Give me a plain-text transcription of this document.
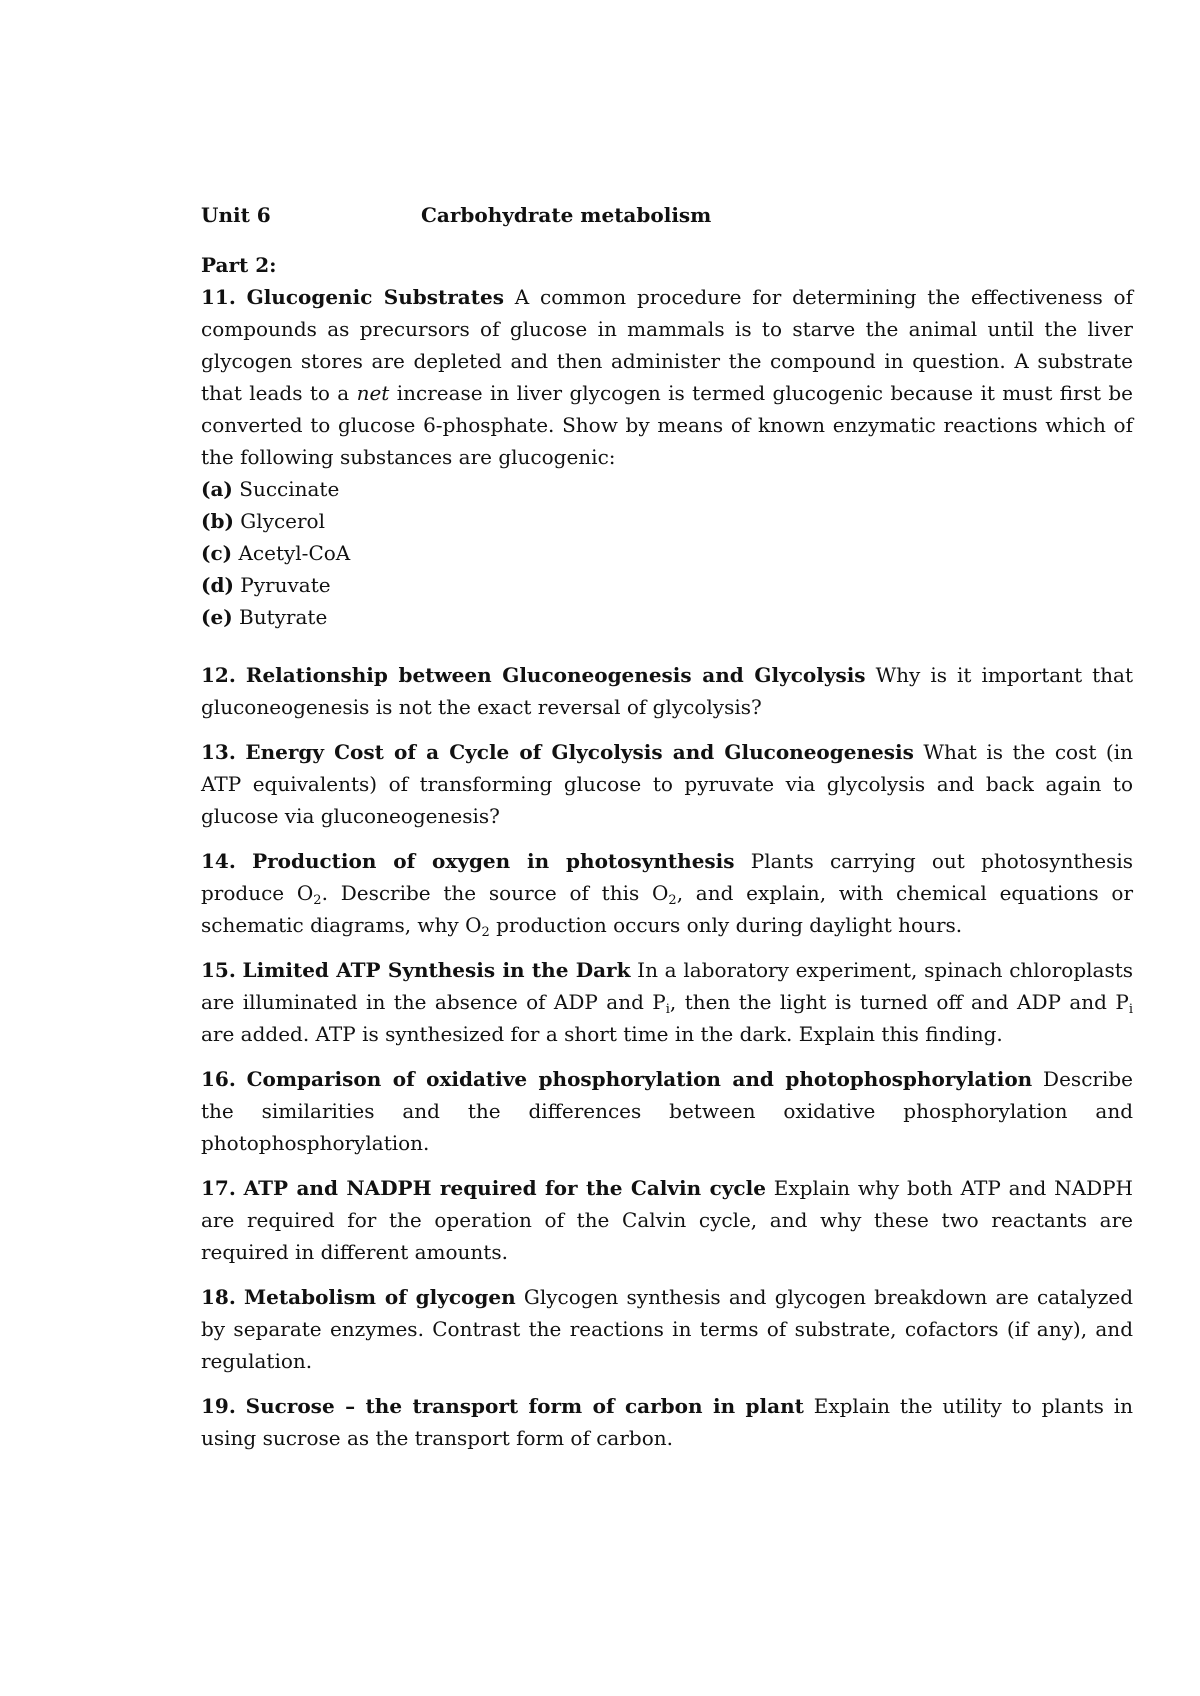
Unit 6	Carbohydrate metabolism
Part 2:

11. Glucogenic Substrates A common procedure for determining the effectiveness of compounds as precursors of glucose in mammals is to starve the animal until the liver glycogen stores are depleted and then administer the compound in question. A substrate that leads to a net increase in liver glycogen is termed glucogenic because it must first be converted to glucose 6-phosphate. Show by means of known enzymatic reactions which of the following substances are glucogenic:

(a) Succinate
(b) Glycerol
(c) Acetyl-CoA
(d) Pyruvate
(e) Butyrate

12. Relationship between Gluconeogenesis and Glycolysis Why is it important that gluconeogenesis is not the exact reversal of glycolysis?

13. Energy Cost of a Cycle of Glycolysis and Gluconeogenesis What is the cost (in ATP equivalents) of transforming glucose to pyruvate via glycolysis and back again to glucose via gluconeogenesis?

14. Production of oxygen in photosynthesis Plants carrying out photosynthesis produce $O_2$. Describe the source of this $O_2$, and explain, with chemical equations or schematic diagrams, why $O_2$ production occurs only during daylight hours.

15. Limited ATP Synthesis in the Dark In a laboratory experiment, spinach chloroplasts are illuminated in the absence of ADP and $P_i$, then the light is turned off and ADP and $P_i$ are added. ATP is synthesized for a short time in the dark. Explain this finding.

16. Comparison of oxidative phosphorylation and photophosphorylation Describe the similarities and the differences between oxidative phosphorylation and photophosphorylation.

17. ATP and NADPH required for the Calvin cycle Explain why both ATP and NADPH are required for the operation of the Calvin cycle, and why these two reactants are required in different amounts.

18. Metabolism of glycogen Glycogen synthesis and glycogen breakdown are catalyzed by separate enzymes. Contrast the reactions in terms of substrate, cofactors (if any), and regulation.

19. Sucrose – the transport form of carbon in plant Explain the utility to plants in using sucrose as the transport form of carbon.
